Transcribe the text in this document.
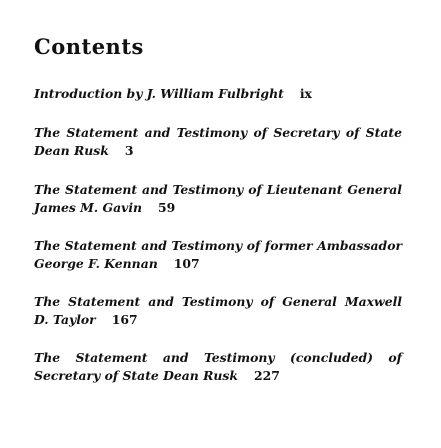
Contents
Introduction by J. William Fulbright ix
The Statement and Testimony of Secretary of State
Dean Rusk 3
The Statement and Testimony of Lieutenant General
James M. Gavin 59
The Statement and Testimony of former Ambassador
George F. Kennan 107
The Statement and Testimony of General Maxwell
D. Taylor 167
The Statement and Testimony (concluded) of
Secretary of State Dean Rusk 227
